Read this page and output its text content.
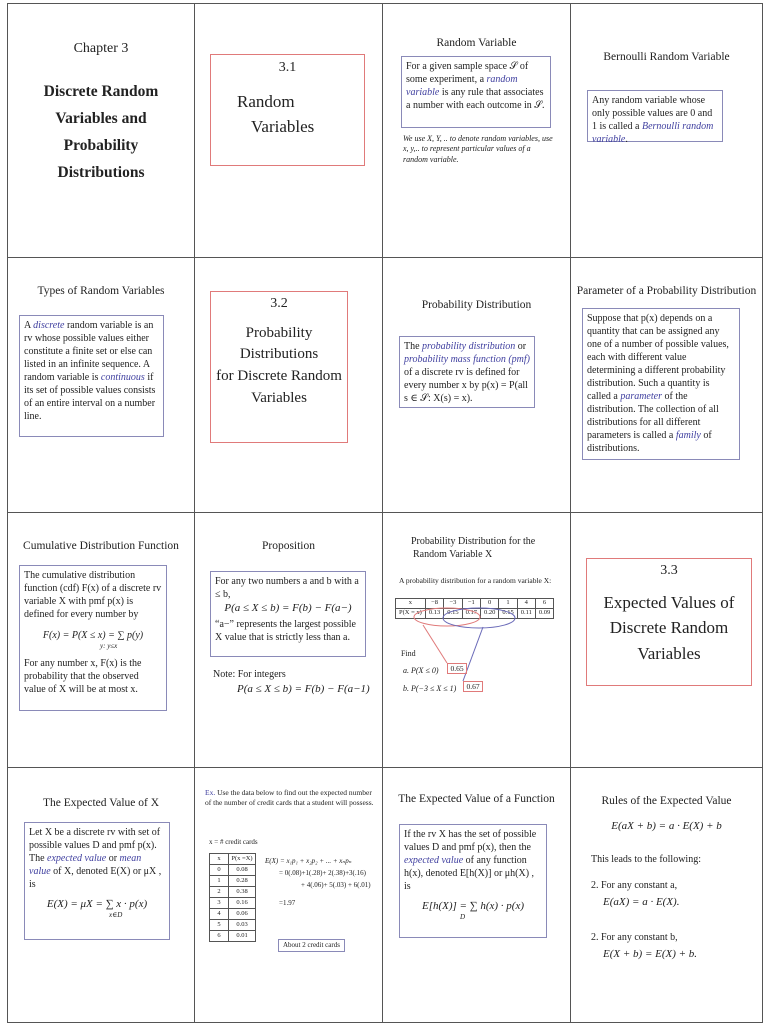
Chapter 3
Discrete Random
Variables and
Probability
Distributions
3.1
Random
Variables
Random Variable
For a given sample space 𝒮 of some experiment, a random variable is any rule that associates a number with each outcome in 𝒮.
We use X, Y, .. to denote random variables, use x, y,.. to represent particular values of a random variable.
Bernoulli Random Variable
Any random variable whose only possible values are 0 and 1 is called a Bernoulli random variable.
Types of Random Variables
A discrete random variable is an rv whose possible values either constitute a finite set or else can listed in an infinite sequence. A random variable is continuous if its set of possible values consists of an entire interval on a number line.
3.2
Probability Distributions
for Discrete Random
Variables
Probability Distribution
The probability distribution or probability mass function (pmf) of a discrete rv is defined for every number x by p(x) = P(all s ∈ 𝒮: X(s) = x).
Parameter of a Probability Distribution
Suppose that p(x) depends on a quantity that can be assigned any one of a number of possible values, each with different value determining a different probability distribution. Such a quantity is called a parameter of the distribution. The collection of all distributions for all different parameters is called a family of distributions.
Cumulative Distribution Function
The cumulative distribution function (cdf) F(x) of a discrete rv variable X with pmf p(x) is defined for every number by
F(x) = P(X ≤ x) = ∑ p(y)
y: y≤x
For any number x, F(x) is the probability that the observed value of X will be at most x.
Proposition
For any two numbers a and b with a ≤ b,
P(a ≤ X ≤ b) = F(b) − F(a−)
“a−” represents the largest possible X value that is strictly less than a.
Note: For integers
P(a ≤ X ≤ b) = F(b) − F(a−1)
Probability Distribution for the
Random Variable X
A probability distribution for a random variable X:
x	−8	−3	−1	0	1	4	6
P(X = x)	0.13	0.15	0.17	0.20	0.15	0.11	0.09
Find
a. P(X ≤ 0)	0.65
b. P(−3 ≤ X ≤ 1)	0.67
3.3
Expected Values of
Discrete Random
Variables
The Expected Value of X
Let X be a discrete rv with set of possible values D and pmf p(x). The expected value or mean value of X, denoted E(X) or μX , is
E(X) = μX = ∑ x · p(x)
x∈D
Ex. Use the data below to find out the expected number of the number of credit cards that a student will possess.
x = # credit cards
x	P(x =X)
0	0.08
1	0.28
2	0.38
3	0.16
4	0.06
5	0.03
6	0.01
E(X) = x₁p₁ + x₂p₂ + ... + xₙpₙ
= 0(.08)+1(.28)+ 2(.38)+3(.16)
+ 4(.06)+ 5(.03) + 6(.01)
=1.97
About 2 credit cards
The Expected Value of a Function
If the rv X has the set of possible values D and pmf p(x), then the expected value of any function h(x), denoted E[h(X)] or μh(X) , is
E[h(X)] = ∑ h(x) · p(x)
D
Rules of the Expected Value
E(aX + b) = a · E(X) + b
This leads to the following:
2. For any constant a,
E(aX) = a · E(X).
2. For any constant b,
E(X + b) = E(X) + b.
